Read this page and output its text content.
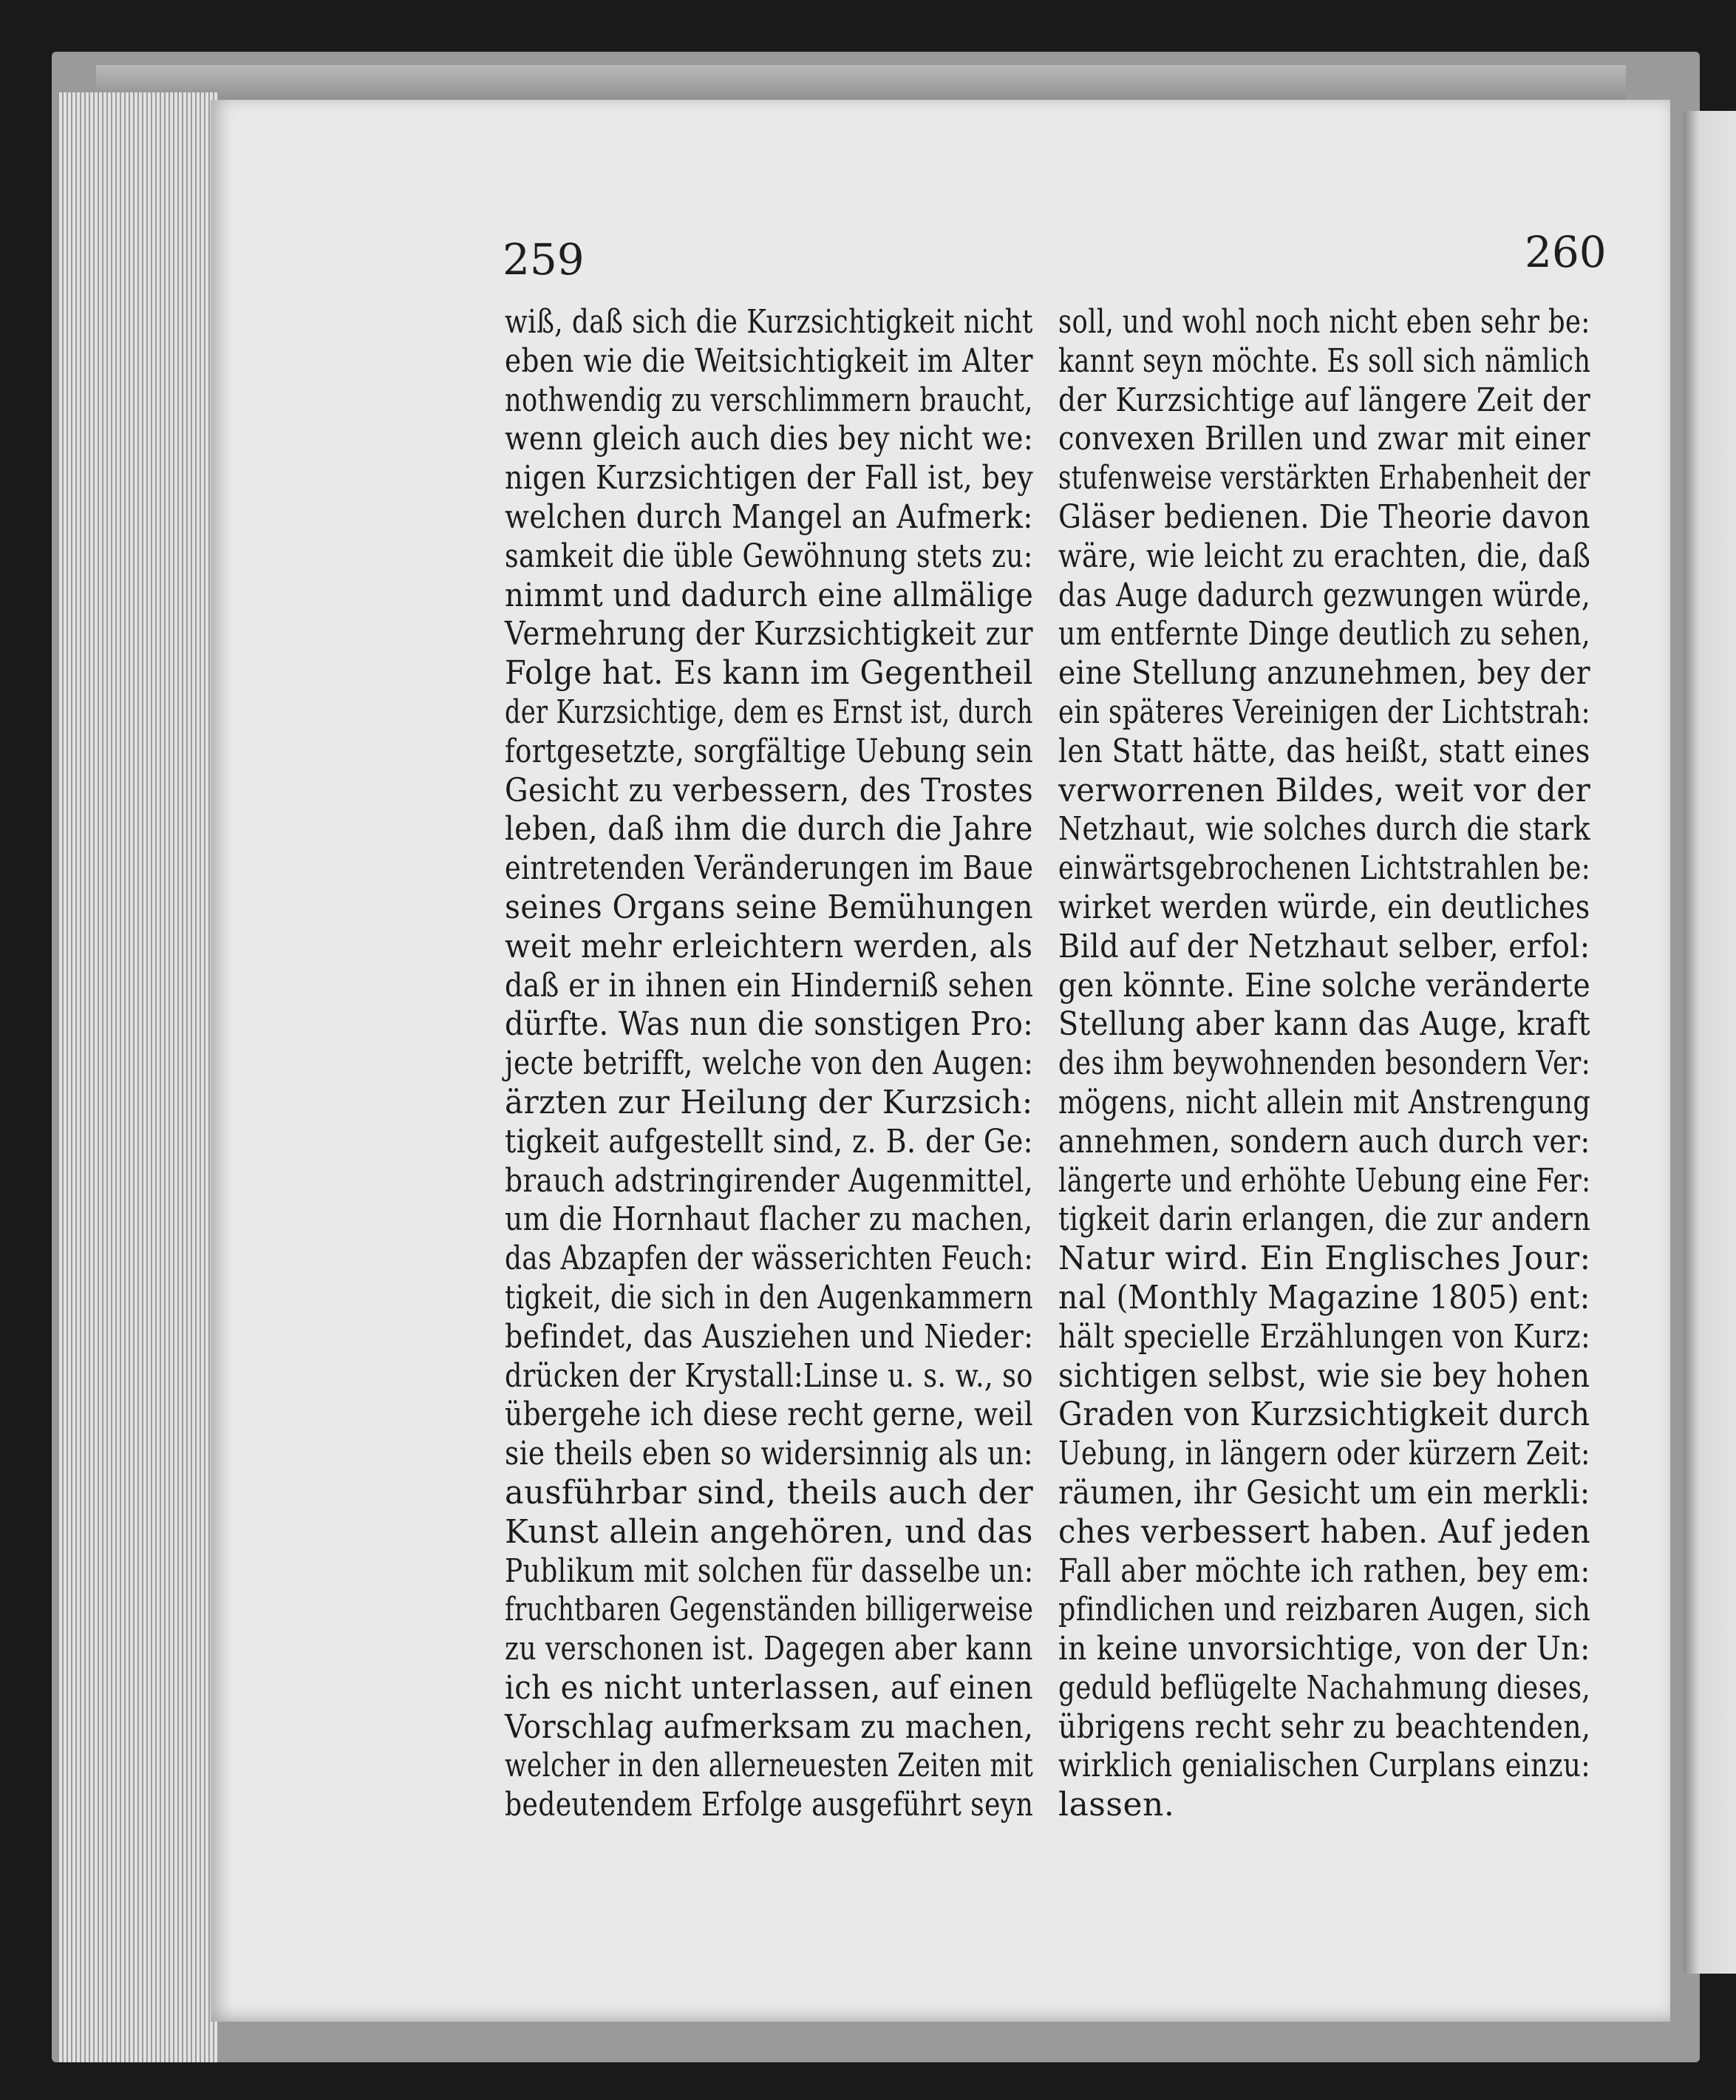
259	260
wiß, daß sich die Kurzsichtigkeit nicht
eben wie die Weitsichtigkeit im Alter
nothwendig zu verschlimmern braucht,
wenn gleich auch dies bey nicht we:
nigen Kurzsichtigen der Fall ist, bey
welchen durch Mangel an Aufmerk:
samkeit die üble Gewöhnung stets zu:
nimmt und dadurch eine allmälige
Vermehrung der Kurzsichtigkeit zur
Folge hat. Es kann im Gegentheil
der Kurzsichtige, dem es Ernst ist, durch
fortgesetzte, sorgfältige Uebung sein
Gesicht zu verbessern, des Trostes
leben, daß ihm die durch die Jahre
eintretenden Veränderungen im Baue
seines Organs seine Bemühungen
weit mehr erleichtern werden, als
daß er in ihnen ein Hinderniß sehen
dürfte. Was nun die sonstigen Pro:
jecte betrifft, welche von den Augen:
ärzten zur Heilung der Kurzsich:
tigkeit aufgestellt sind, z. B. der Ge:
brauch adstringirender Augenmittel,
um die Hornhaut flacher zu machen,
das Abzapfen der wässerichten Feuch:
tigkeit, die sich in den Augenkammern
befindet, das Ausziehen und Nieder:
drücken der Krystall:Linse u. s. w., so
übergehe ich diese recht gerne, weil
sie theils eben so widersinnig als un:
ausführbar sind, theils auch der
Kunst allein angehören, und das
Publikum mit solchen für dasselbe un:
fruchtbaren Gegenständen billigerweise
zu verschonen ist. Dagegen aber kann
ich es nicht unterlassen, auf einen
Vorschlag aufmerksam zu machen,
welcher in den allerneuesten Zeiten mit
bedeutendem Erfolge ausgeführt seyn
soll, und wohl noch nicht eben sehr be:
kannt seyn möchte. Es soll sich nämlich
der Kurzsichtige auf längere Zeit der
convexen Brillen und zwar mit einer
stufenweise verstärkten Erhabenheit der
Gläser bedienen. Die Theorie davon
wäre, wie leicht zu erachten, die, daß
das Auge dadurch gezwungen würde,
um entfernte Dinge deutlich zu sehen,
eine Stellung anzunehmen, bey der
ein späteres Vereinigen der Lichtstrah:
len Statt hätte, das heißt, statt eines
verworrenen Bildes, weit vor der
Netzhaut, wie solches durch die stark
einwärtsgebrochenen Lichtstrahlen be:
wirket werden würde, ein deutliches
Bild auf der Netzhaut selber, erfol:
gen könnte. Eine solche veränderte
Stellung aber kann das Auge, kraft
des ihm beywohnenden besondern Ver:
mögens, nicht allein mit Anstrengung
annehmen, sondern auch durch ver:
längerte und erhöhte Uebung eine Fer:
tigkeit darin erlangen, die zur andern
Natur wird. Ein Englisches Jour:
nal (Monthly Magazine 1805) ent:
hält specielle Erzählungen von Kurz:
sichtigen selbst, wie sie bey hohen
Graden von Kurzsichtigkeit durch
Uebung, in längern oder kürzern Zeit:
räumen, ihr Gesicht um ein merkli:
ches verbessert haben. Auf jeden
Fall aber möchte ich rathen, bey em:
pfindlichen und reizbaren Augen, sich
in keine unvorsichtige, von der Un:
geduld beflügelte Nachahmung dieses,
übrigens recht sehr zu beachtenden,
wirklich genialischen Curplans einzu:
lassen.
